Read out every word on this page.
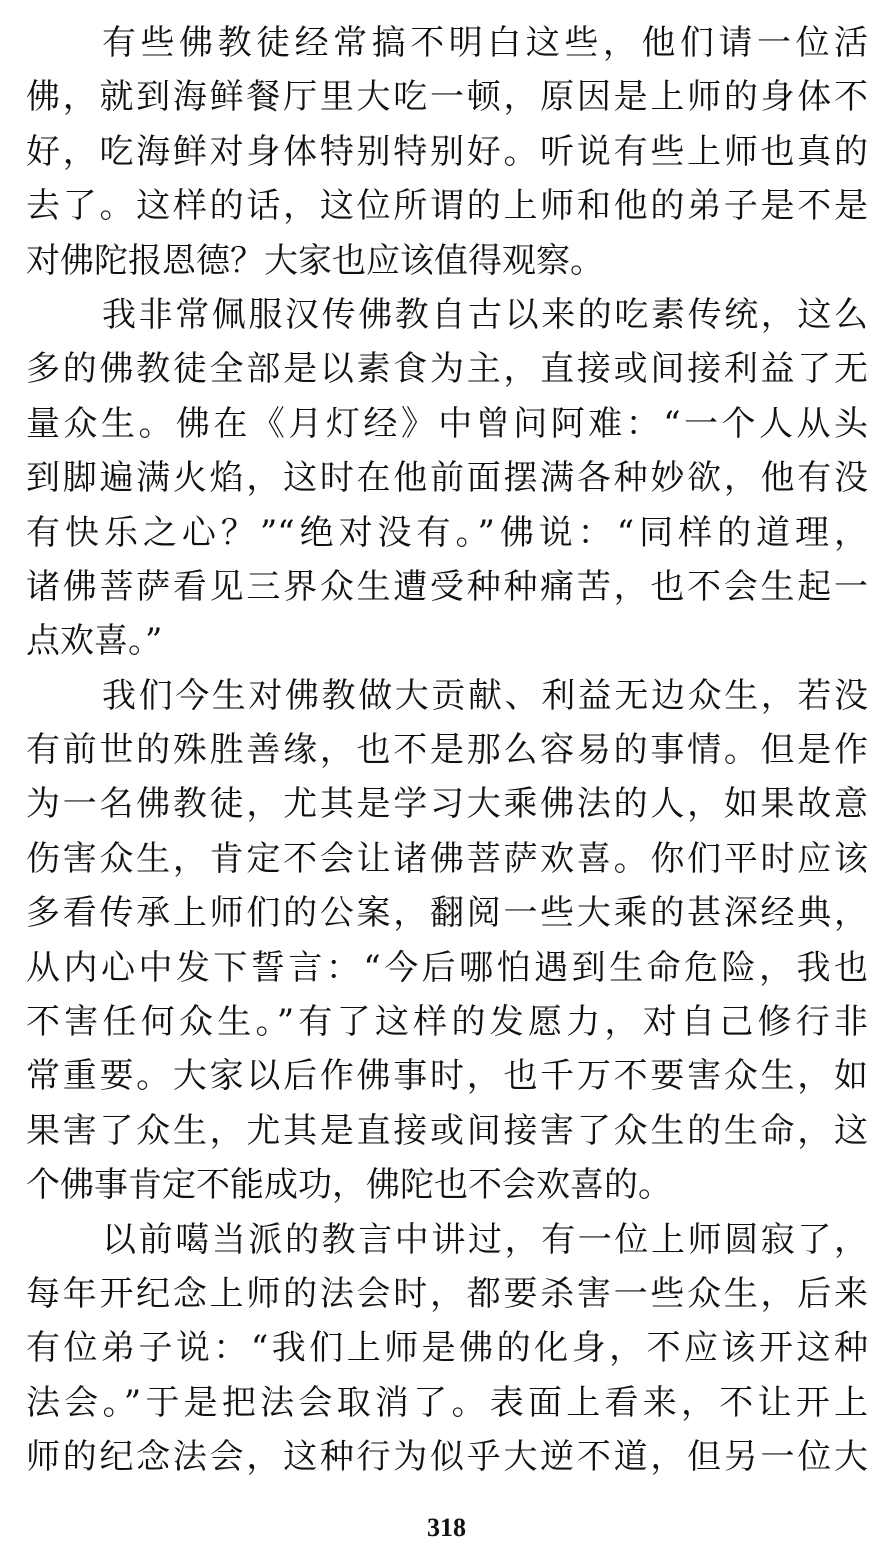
有些佛教徒经常搞不明白这些，他们请一位活
佛，就到海鲜餐厅里大吃一顿，原因是上师的身体不
好，吃海鲜对身体特别特别好。听说有些上师也真的
去了。这样的话，这位所谓的上师和他的弟子是不是
对佛陀报恩德？大家也应该值得观察。
我非常佩服汉传佛教自古以来的吃素传统，这么
多的佛教徒全部是以素食为主，直接或间接利益了无
量众生。佛在《月灯经》中曾问阿难：“一个人从头
到脚遍满火焰，这时在他前面摆满各种妙欲，他有没
有快乐之心？”“绝对没有。”佛说：“同样的道理，
诸佛菩萨看见三界众生遭受种种痛苦，也不会生起一
点欢喜。”
我们今生对佛教做大贡献、利益无边众生，若没
有前世的殊胜善缘，也不是那么容易的事情。但是作
为一名佛教徒，尤其是学习大乘佛法的人，如果故意
伤害众生，肯定不会让诸佛菩萨欢喜。你们平时应该
多看传承上师们的公案，翻阅一些大乘的甚深经典，
从内心中发下誓言：“今后哪怕遇到生命危险，我也
不害任何众生。”有了这样的发愿力，对自己修行非
常重要。大家以后作佛事时，也千万不要害众生，如
果害了众生，尤其是直接或间接害了众生的生命，这
个佛事肯定不能成功，佛陀也不会欢喜的。
以前噶当派的教言中讲过，有一位上师圆寂了，
每年开纪念上师的法会时，都要杀害一些众生，后来
有位弟子说：“我们上师是佛的化身，不应该开这种
法会。”于是把法会取消了。表面上看来，不让开上
师的纪念法会，这种行为似乎大逆不道，但另一位大
318
